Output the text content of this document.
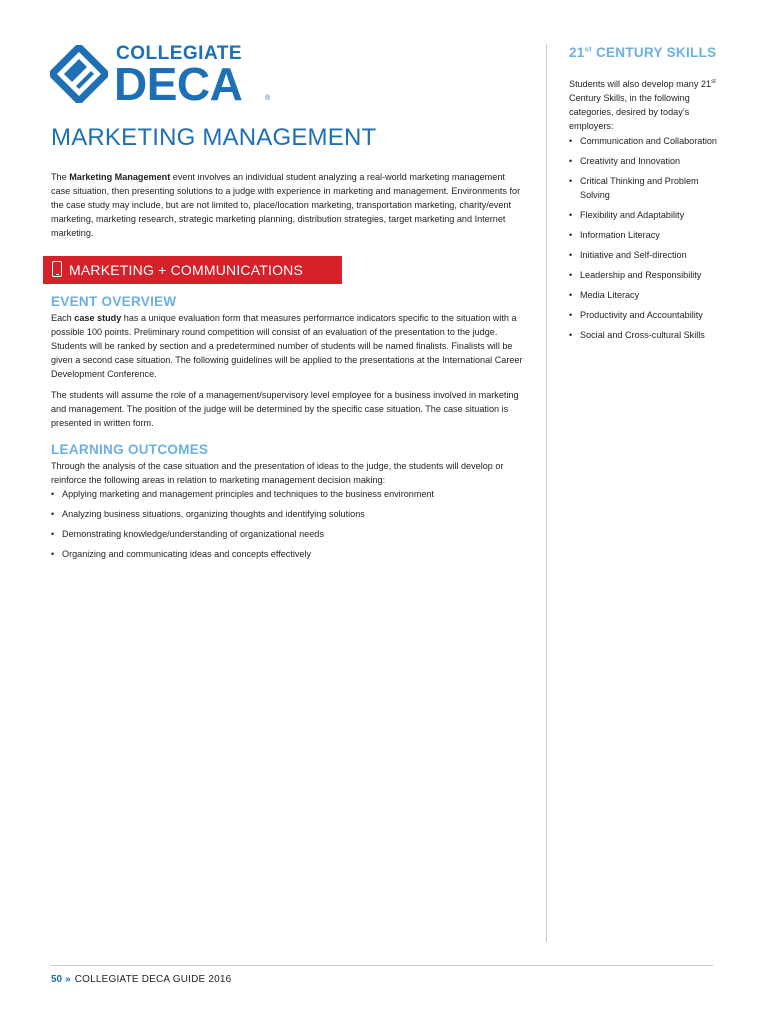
COLLEGIATE
DECA	®
MARKETING MANAGEMENT
The Marketing Management event involves an individual student analyzing a real-world marketing management case situation, then presenting solutions to a judge with experience in marketing and management. Environments for the case study may include, but are not limited to, place/location marketing, transportation marketing, charity/event marketing, marketing research, strategic marketing planning, distribution strategies, target marketing and Internet marketing.
MARKETING + COMMUNICATIONS
EVENT OVERVIEW
Each case study has a unique evaluation form that measures performance indicators specific to the situation with a possible 100 points. Preliminary round competition will consist of an evaluation of the presentation to the judge. Students will be ranked by section and a predetermined number of students will be named finalists. Finalists will be given a second case situation. The following guidelines will be applied to the presentations at the International Career Development Conference.
The students will assume the role of a management/supervisory level employee for a business involved in marketing and management. The position of the judge will be determined by the specific case situation. The case situation is presented in written form.
LEARNING OUTCOMES
Through the analysis of the case situation and the presentation of ideas to the judge, the students will develop or reinforce the following areas in relation to marketing management decision making:
• Applying marketing and management principles and techniques to the business environment
• Analyzing business situations, organizing thoughts and identifying solutions
• Demonstrating knowledge/understanding of organizational needs
• Organizing and communicating ideas and concepts effectively
21st CENTURY SKILLS
Students will also develop many 21st Century Skills, in the following categories, desired by today’s employers:
• Communication and Collaboration
• Creativity and Innovation
• Critical Thinking and Problem Solving
• Flexibility and Adaptability
• Information Literacy
• Initiative and Self-direction
• Leadership and Responsibility
• Media Literacy
• Productivity and Accountability
• Social and Cross-cultural Skills
50 » COLLEGIATE DECA GUIDE 2016
